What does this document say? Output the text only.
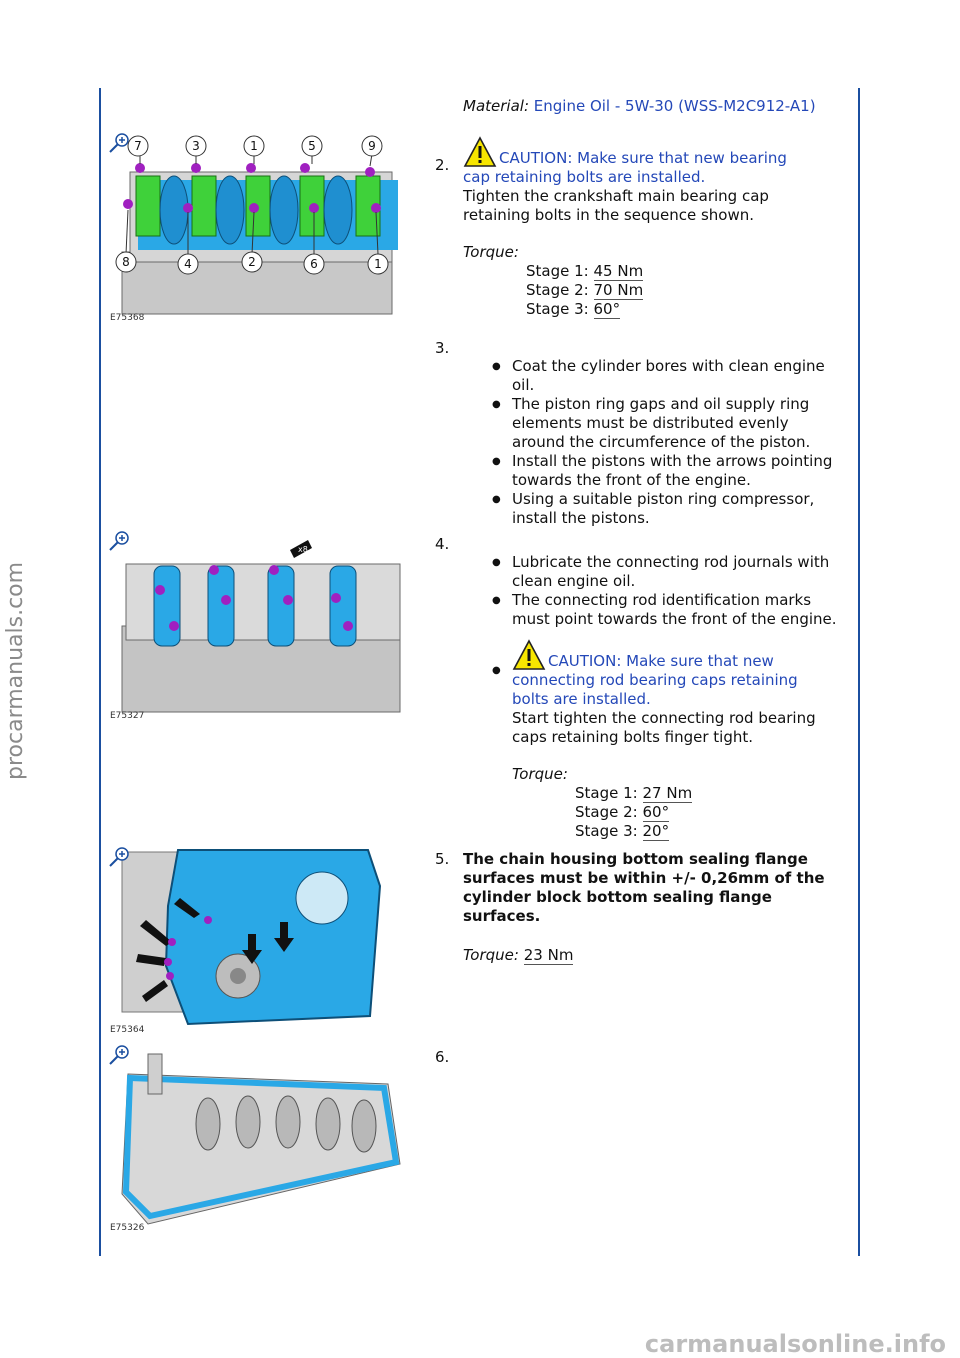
procarmanuals.com
carmanualsonline.info
Material: Engine Oil - 5W-30 (WSS-M2C912-A1)
7	3	1	5	9
8	4	2	6	1
E75368
2.	CAUTION: Make sure that new bearing
cap retaining bolts are installed.
Tighten the crankshaft main bearing cap
retaining bolts in the sequence shown.
Torque:
Stage 1: 45 Nm
Stage 2: 70 Nm
Stage 3: 60°
3.
● Coat the cylinder bores with clean engine
oil.
● The piston ring gaps and oil supply ring
elements must be distributed evenly
around the circumference of the piston.
● Install the pistons with the arrows pointing
towards the front of the engine.
● Using a suitable piston ring compressor,
install the pistons.
x8
E75327
4.
● Lubricate the connecting rod journals with
clean engine oil.
● The connecting rod identification marks
must point towards the front of the engine.
●
CAUTION: Make sure that new
connecting rod bearing caps retaining
bolts are installed.
Start tighten the connecting rod bearing
caps retaining bolts finger tight.
Torque:
Stage 1: 27 Nm
Stage 2: 60°
Stage 3: 20°
E75364
5. The chain housing bottom sealing flange
surfaces must be within +/- 0,26mm of the
cylinder block bottom sealing flange
surfaces.
Torque: 23 Nm
E75326
6.
